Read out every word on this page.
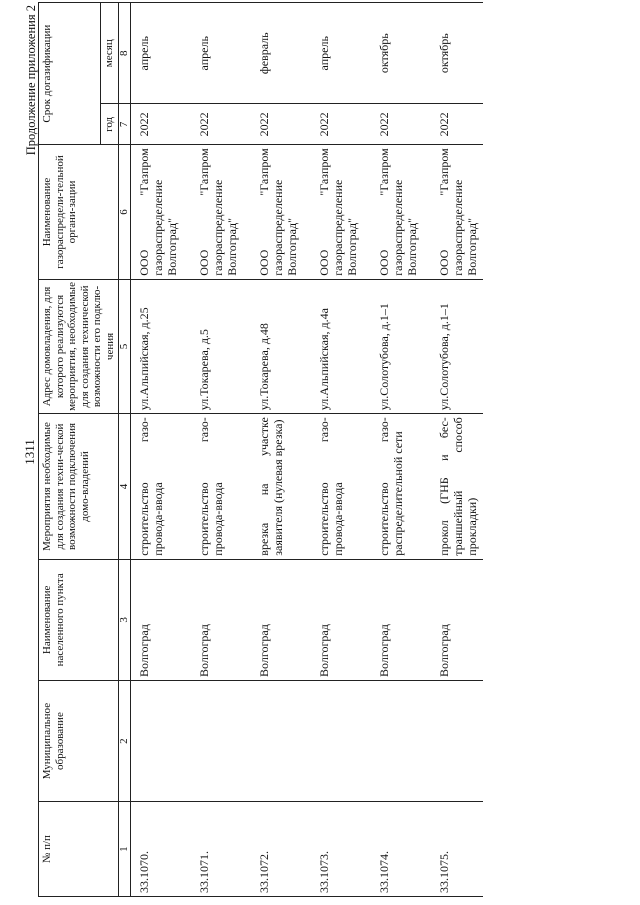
1311
Продолжение приложения 2
№ п/п	Муниципальное образование	Наименование населенного пункта	Мероприятия необходимые для создания техни-ческой возможности подключения домо-владений	Адрес домовладения, для которого реализуются мероприятия, необходимые для создания технической возможности его подклю-чения	Наименование газораспредели-тельной органи-зации	Срок догазификации	
						год	месяц
1	2	3	4	5	6	7	8
33.1070.		Волгоград	строительство газо-провода-ввода	ул.Альпийская, д.25	ООО "Газпром газораспределение Волгоград"	2022	апрель
33.1071.		Волгоград	строительство газо-провода-ввода	ул.Токарева, д.5	ООО "Газпром газораспределение Волгоград"	2022	апрель
33.1072.		Волгоград	врезка на участке заявителя (нулевая врезка)	ул.Токарева, д.48	ООО "Газпром газораспределение Волгоград"	2022	февраль
33.1073.		Волгоград	строительство газо-провода-ввода	ул.Альпийская, д.4а	ООО "Газпром газораспределение Волгоград"	2022	апрель
33.1074.		Волгоград	строительство газо-распределительной сети	ул.Солотубова, д.1–1	ООО "Газпром газораспределение Волгоград"	2022	октябрь
33.1075.		Волгоград	прокол (ГНБ и бес-траншейный способ прокладки)	ул.Солотубова, д.1–1	ООО "Газпром газораспределение Волгоград"	2022	октябрь
